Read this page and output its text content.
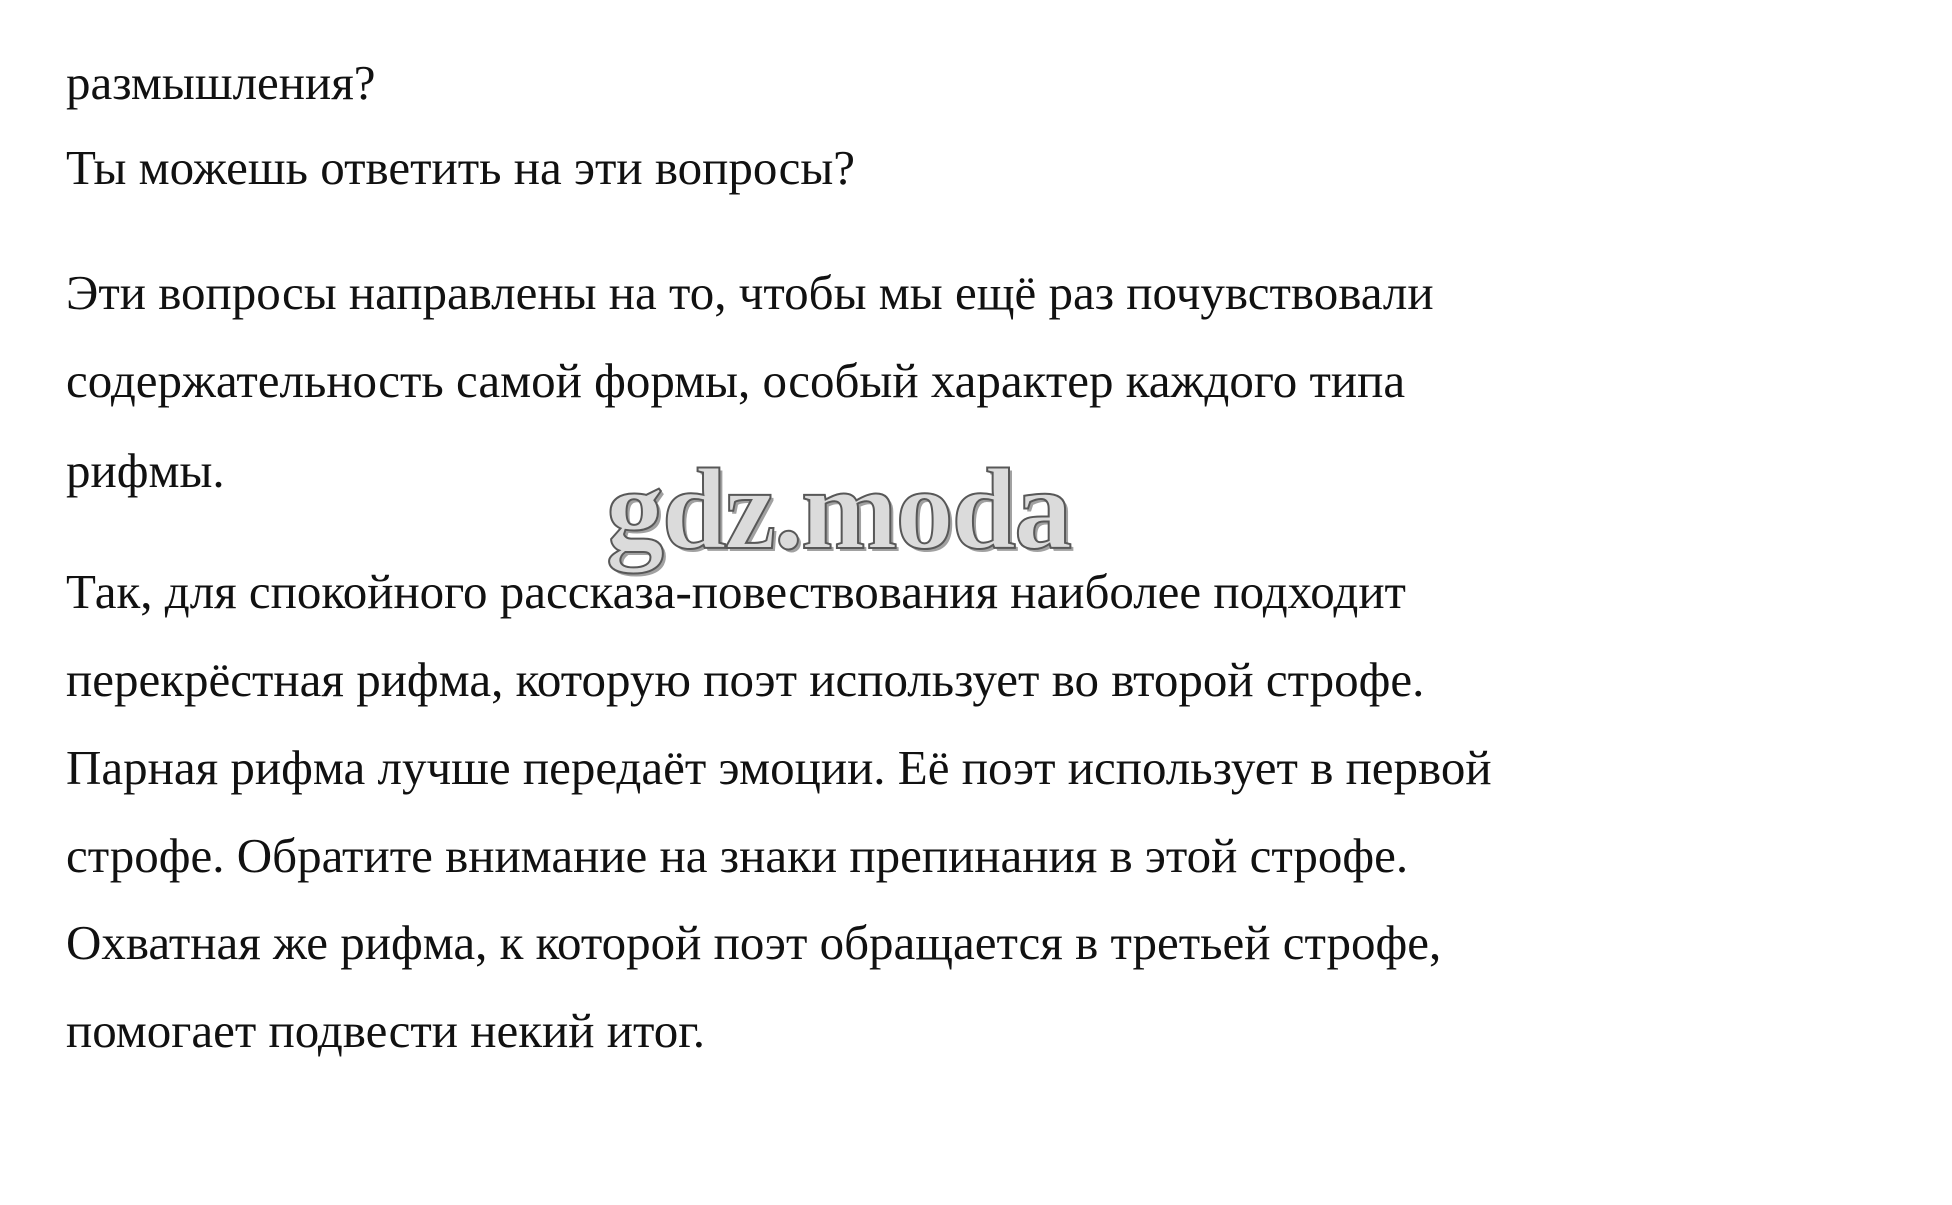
размышления?

Ты можешь ответить на эти вопросы?

Эти вопросы направлены на то, чтобы мы ещё раз почувствовали

содержательность самой формы, особый характер каждого типа

рифмы.	gdz.moda

Так, для спокойного рассказа-повествования наиболее подходит

перекрёстная рифма, которую поэт использует во второй строфе.

Парная рифма лучше передаёт эмоции. Её поэт использует в первой

строфе. Обратите внимание на знаки препинания в этой строфе.

Охватная же рифма, к которой поэт обращается в третьей строфе,

помогает подвести некий итог.
